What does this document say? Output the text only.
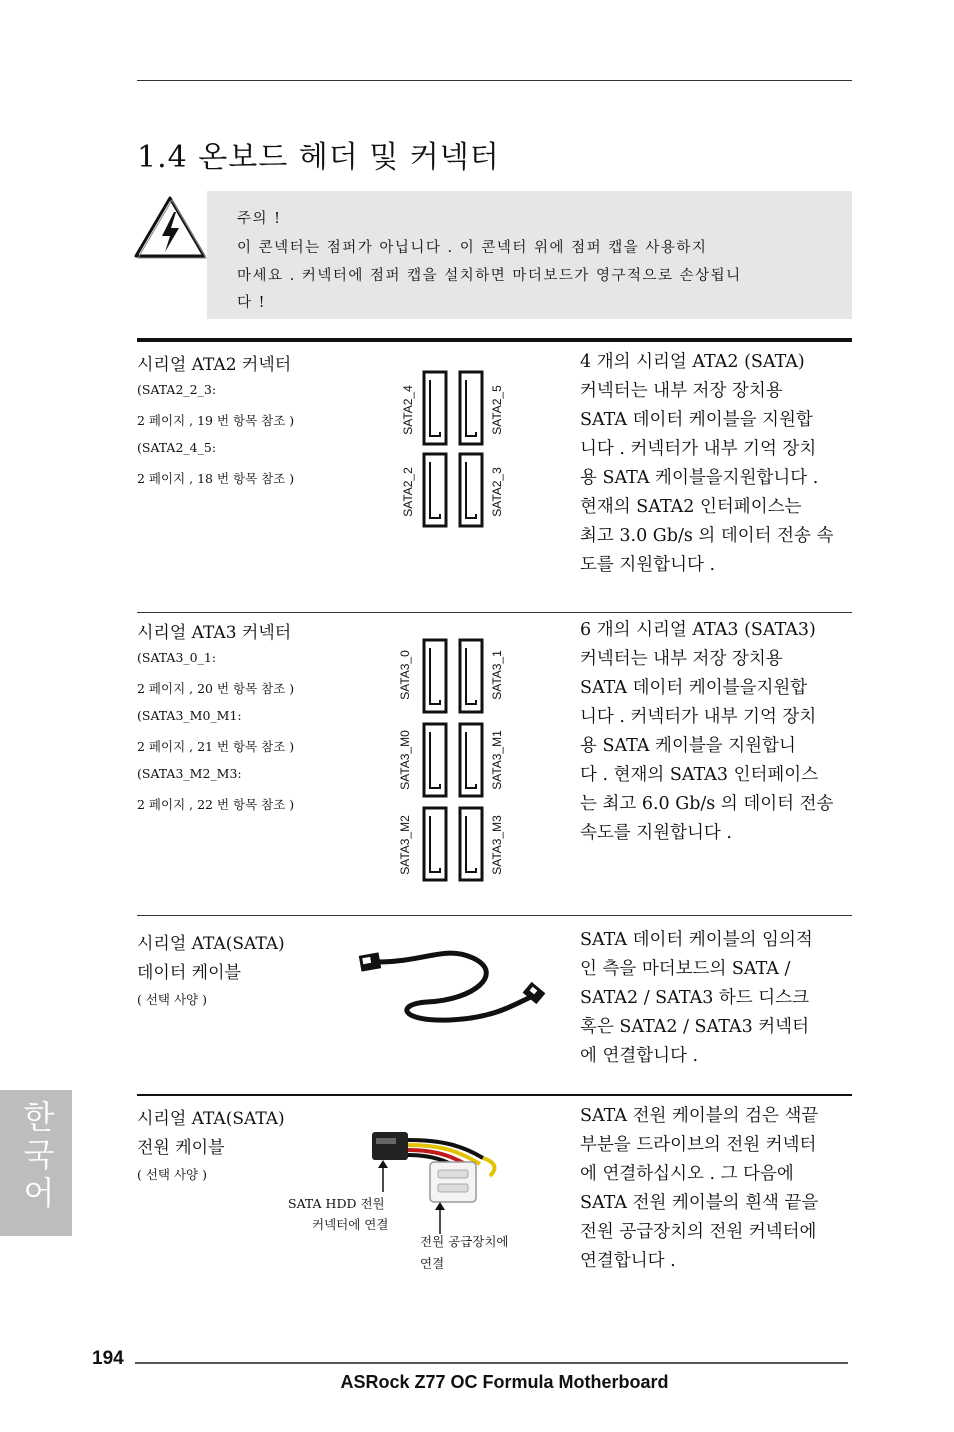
1.4 온보드 헤더 및 커넥터
주의 !
이 콘넥터는 점퍼가 아닙니다 . 이 콘넥터 위에 점퍼 캡을 사용하지
마세요 . 커넥터에 점퍼 캡을 설치하면 마더보드가 영구적으로 손상됩니
다 !
시리얼 ATA2 커넥터
(SATA2_2_3:
2 페이지 , 19 번 항목 참조 )
(SATA2_4_5:
2 페이지 , 18 번 항목 참조 )
SATA2_4	SATA2_5
SATA2_2	SATA2_3
4 개의 시리얼 ATA2 (SATA)
커넥터는 내부 저장 장치용
SATA 데이터 케이블을 지원합
니다 . 커넥터가 내부 기억 장치
용 SATA 케이블을지원합니다 .
현재의 SATA2 인터페이스는
최고 3.0 Gb/s 의 데이터 전송 속
도를 지원합니다 .
시리얼 ATA3 커넥터
(SATA3_0_1:
2 페이지 , 20 번 항목 참조 )
(SATA3_M0_M1:
2 페이지 , 21 번 항목 참조 )
(SATA3_M2_M3:
2 페이지 , 22 번 항목 참조 )
SATA3_0	SATA3_1
SATA3_M0	SATA3_M1
SATA3_M2	SATA3_M3
6 개의 시리얼 ATA3 (SATA3)
커넥터는 내부 저장 장치용
SATA 데이터 케이블을지원합
니다 . 커넥터가 내부 기억 장치
용 SATA 케이블을 지원합니
다 . 현재의 SATA3 인터페이스
는 최고 6.0 Gb/s 의 데이터 전송
속도를 지원합니다 .
시리얼 ATA(SATA)
데이터 케이블
( 선택 사양 )
SATA 데이터 케이블의 임의적
인 측을 마더보드의 SATA /
SATA2 / SATA3 하드 디스크
혹은 SATA2 / SATA3 커넥터
에 연결합니다 .
시리얼 ATA(SATA)
전원 케이블
( 선택 사양 )
SATA HDD 전원
커넥터에 연결
전원 공급장치에
연결
SATA 전원 케이블의 검은 색끝
부분을 드라이브의 전원 커넥터
에 연결하십시오 . 그 다음에
SATA 전원 케이블의 흰색 끝을
전원 공급장치의 전원 커넥터에
연결합니다 .
한국어
194
ASRock Z77 OC Formula Motherboard
